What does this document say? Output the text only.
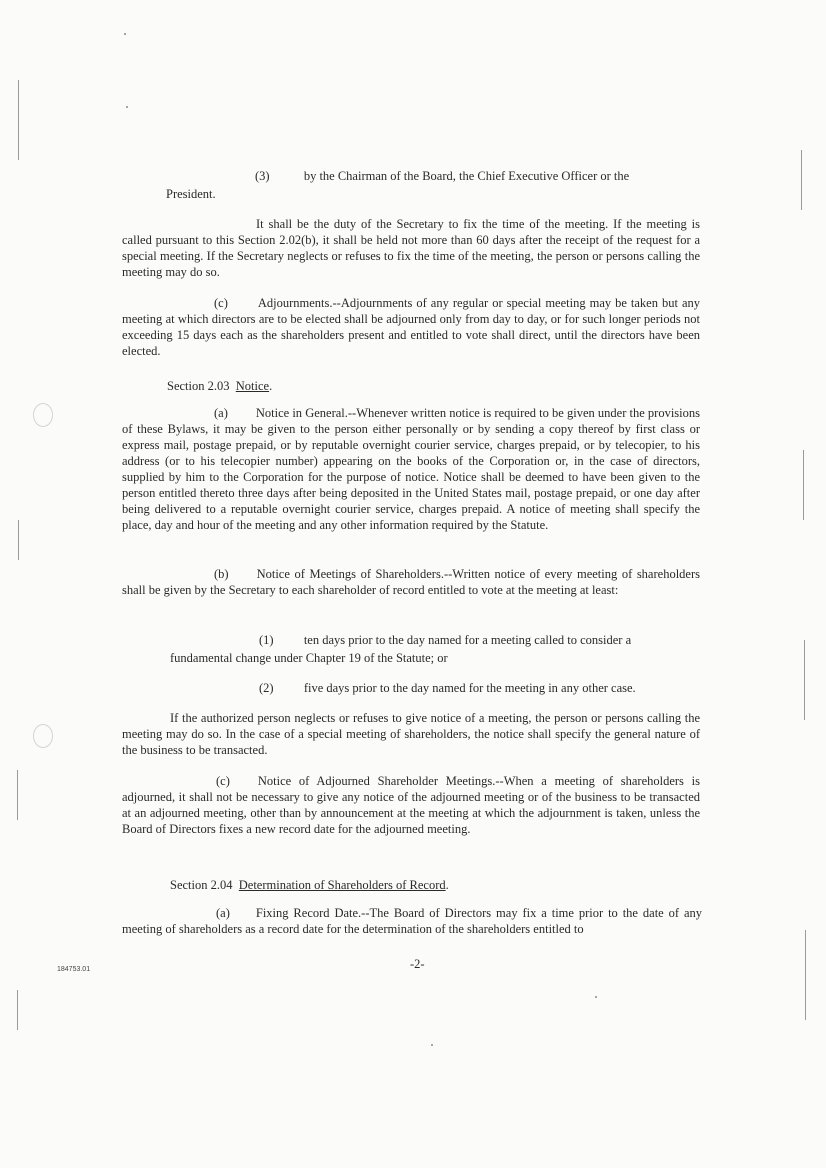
(3)	by the Chairman of the Board, the Chief Executive Officer or the
President.

It shall be the duty of the Secretary to fix the time of the meeting. If the meeting is called pursuant to this Section 2.02(b), it shall be held not more than 60 days after the receipt of the request for a special meeting. If the Secretary neglects or refuses to fix the time of the meeting, the person or persons calling the meeting may do so.

(c) Adjournments.--Adjournments of any regular or special meeting may be taken but any meeting at which directors are to be elected shall be adjourned only from day to day, or for such longer periods not exceeding 15 days each as the shareholders present and entitled to vote shall direct, until the directors have been elected.

Section 2.03 Notice.

(a) Notice in General.--Whenever written notice is required to be given under the provisions of these Bylaws, it may be given to the person either personally or by sending a copy thereof by first class or express mail, postage prepaid, or by reputable overnight courier service, charges prepaid, or by telecopier, to his address (or to his telecopier number) appearing on the books of the Corporation or, in the case of directors, supplied by him to the Corporation for the purpose of notice. Notice shall be deemed to have been given to the person entitled thereto three days after being deposited in the United States mail, postage prepaid, or one day after being delivered to a reputable overnight courier service, charges prepaid. A notice of meeting shall specify the place, day and hour of the meeting and any other information required by the Statute.

(b) Notice of Meetings of Shareholders.--Written notice of every meeting of shareholders shall be given by the Secretary to each shareholder of record entitled to vote at the meeting at least:

(1) ten days prior to the day named for a meeting called to consider a
fundamental change under Chapter 19 of the Statute; or
(2) five days prior to the day named for the meeting in any other case.

If the authorized person neglects or refuses to give notice of a meeting, the person or persons calling the meeting may do so. In the case of a special meeting of shareholders, the notice shall specify the general nature of the business to be transacted.

(c) Notice of Adjourned Shareholder Meetings.--When a meeting of shareholders is adjourned, it shall not be necessary to give any notice of the adjourned meeting or of the business to be transacted at an adjourned meeting, other than by announcement at the meeting at which the adjournment is taken, unless the Board of Directors fixes a new record date for the adjourned meeting.

Section 2.04 Determination of Shareholders of Record.

(a) Fixing Record Date.--The Board of Directors may fix a time prior to the date of any meeting of shareholders as a record date for the determination of the shareholders entitled to

-2-
184753.01
